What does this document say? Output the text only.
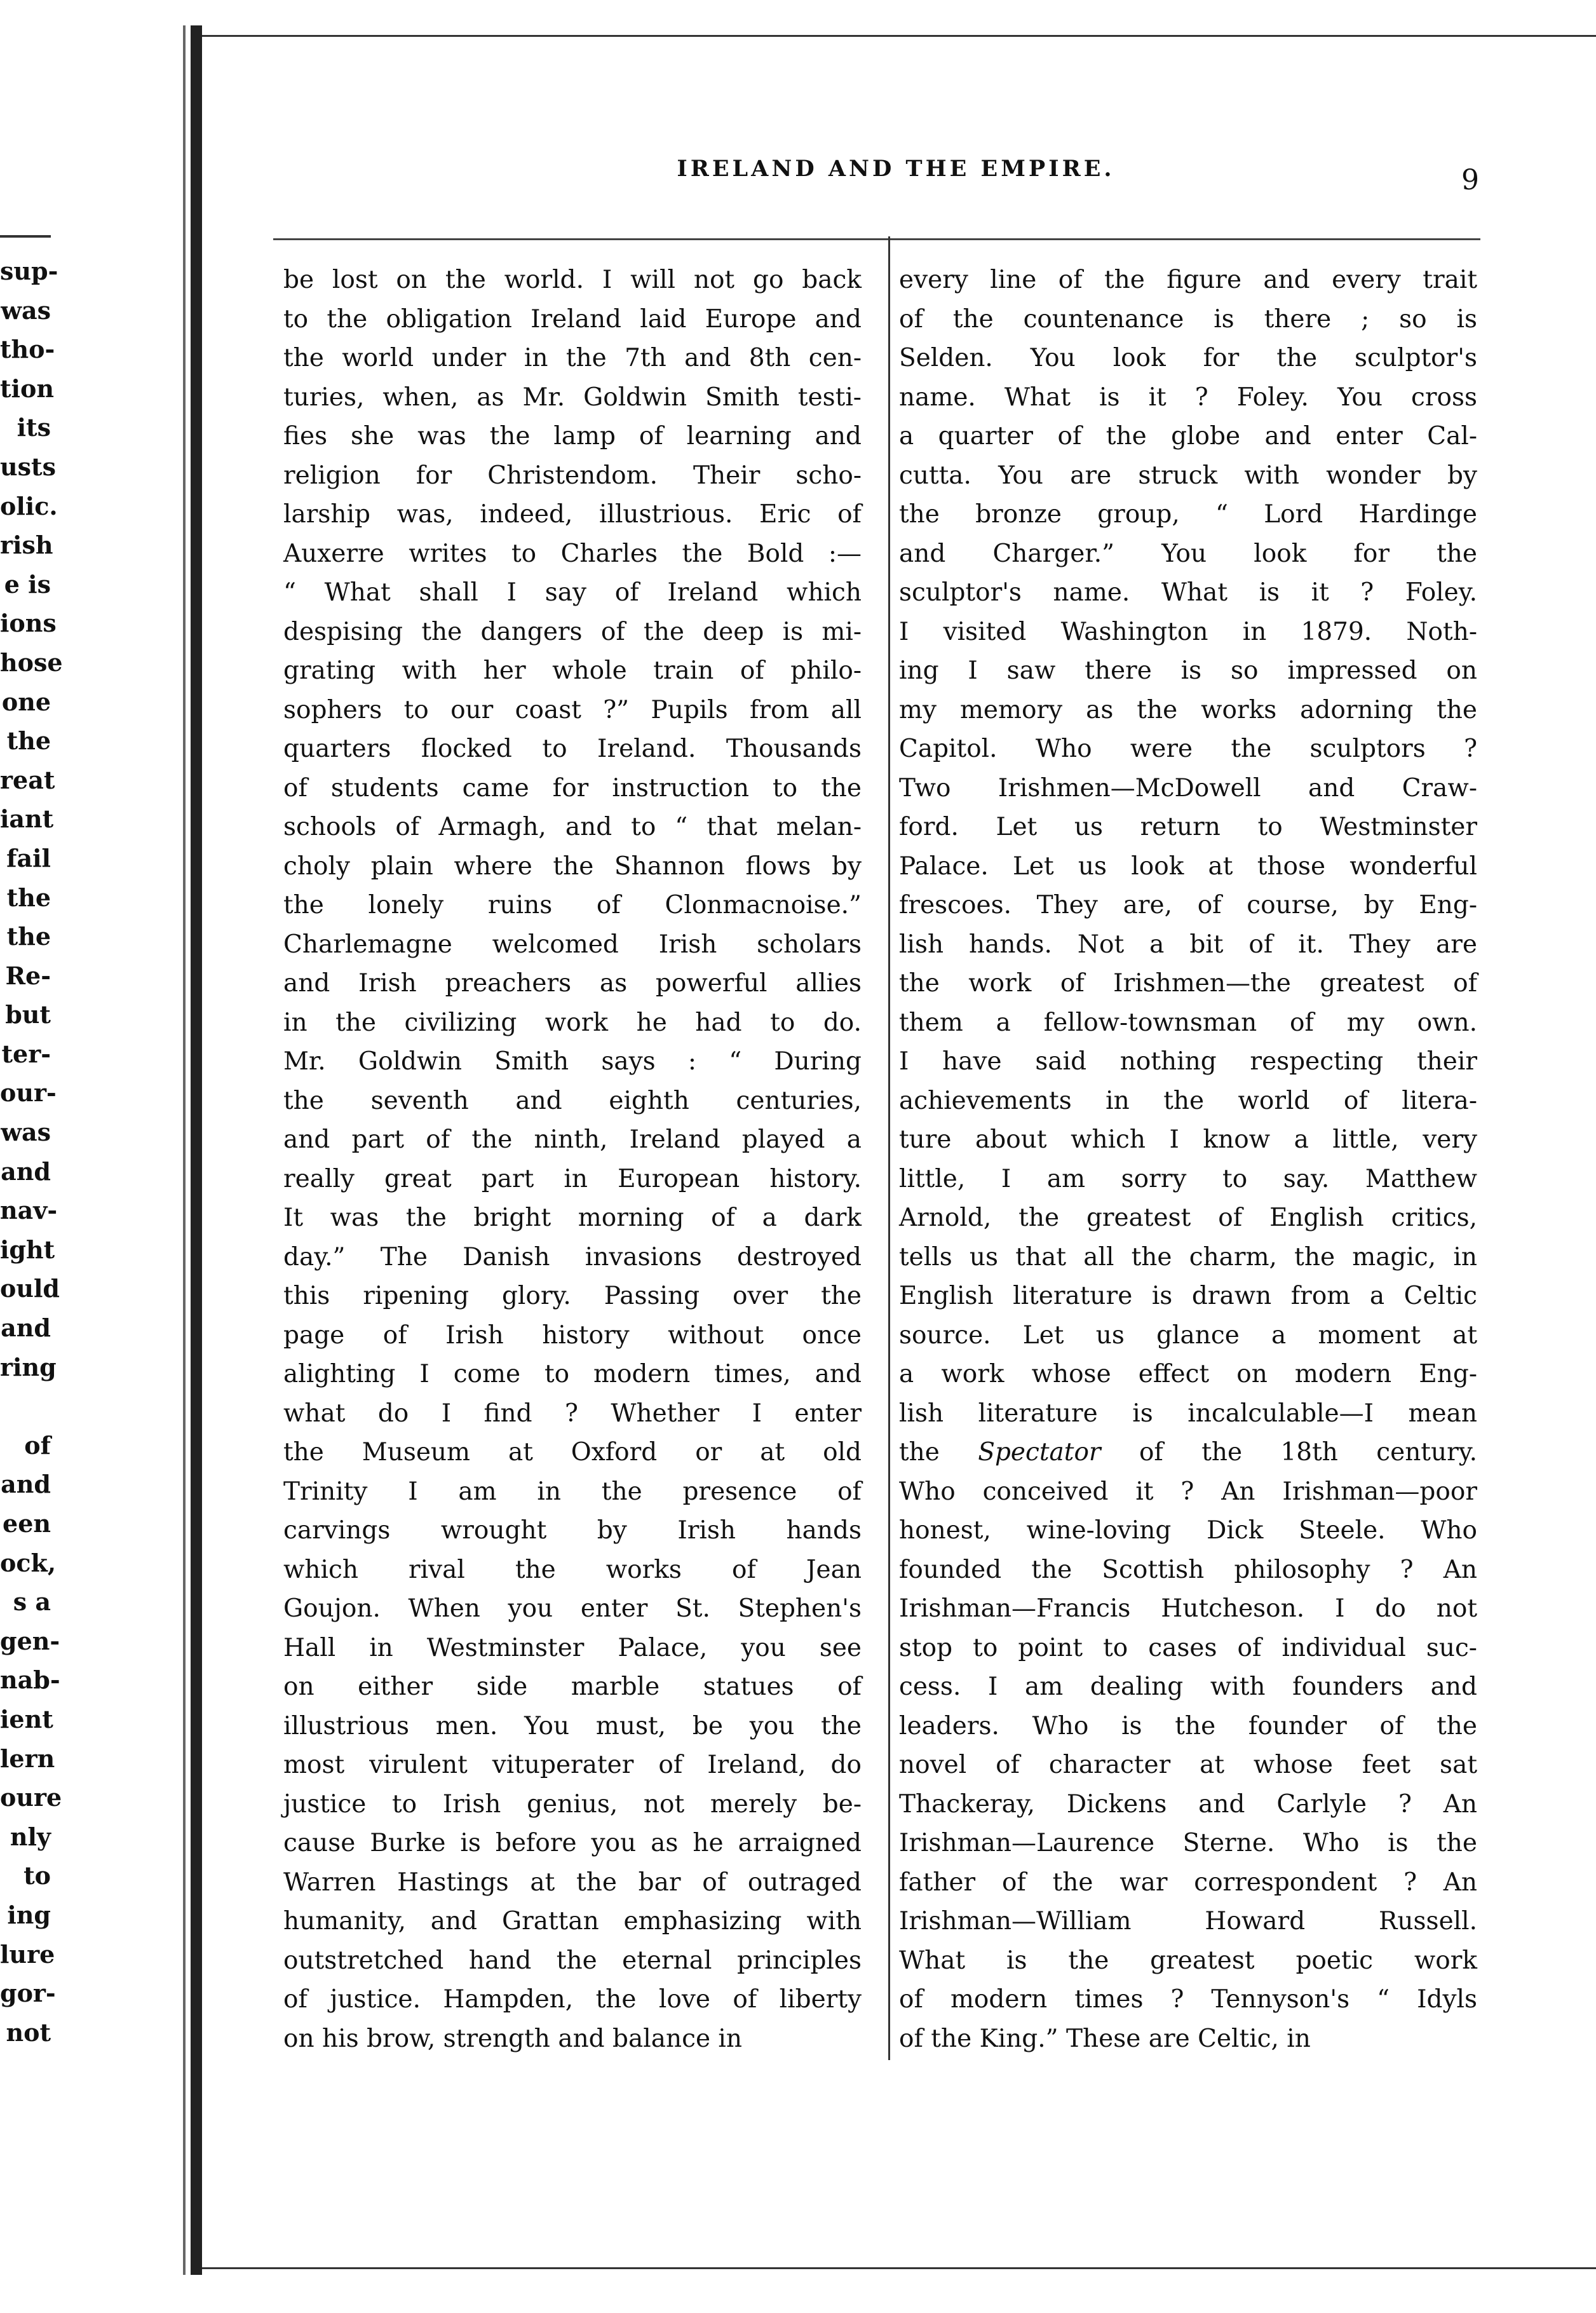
sup-
was
tho-
tion
its
usts
olic.
rish
e is
ions
hose
one
the
reat
iant
fail
the
the
Re-
but
ter-
our-
was
and
nav-
ight
ould
and
ring
of
and
een
ock,
s a
gen-
nab-
ient
lern
oure
nly
to
ing
lure
gor-
not
IRELAND AND THE EMPIRE.	9
be lost on the world. I will not go back
to the obligation Ireland laid Europe and
the world under in the 7th and 8th cen-
turies, when, as Mr. Goldwin Smith testi-
fies she was the lamp of learning and
religion for Christendom. Their scho-
larship was, indeed, illustrious. Eric of
Auxerre writes to Charles the Bold :—
“ What shall I say of Ireland which
despising the dangers of the deep is mi-
grating with her whole train of philo-
sophers to our coast ?” Pupils from all
quarters flocked to Ireland. Thousands
of students came for instruction to the
schools of Armagh, and to “ that melan-
choly plain where the Shannon flows by
the lonely ruins of Clonmacnoise.”
Charlemagne welcomed Irish scholars
and Irish preachers as powerful allies
in the civilizing work he had to do.
Mr. Goldwin Smith says : “ During
the seventh and eighth centuries,
and part of the ninth, Ireland played a
really great part in European history.
It was the bright morning of a dark
day.” The Danish invasions destroyed
this ripening glory. Passing over the
page of Irish history without once
alighting I come to modern times, and
what do I find ? Whether I enter
the Museum at Oxford or at old
Trinity I am in the presence of
carvings wrought by Irish hands
which rival the works of Jean
Goujon. When you enter St. Stephen's
Hall in Westminster Palace, you see
on either side marble statues of
illustrious men. You must, be you the
most virulent vituperater of Ireland, do
justice to Irish genius, not merely be-
cause Burke is before you as he arraigned
Warren Hastings at the bar of outraged
humanity, and Grattan emphasizing with
outstretched hand the eternal principles
of justice. Hampden, the love of liberty
on his brow, strength and balance in
every line of the figure and every trait
of the countenance is there ; so is
Selden. You look for the sculptor's
name. What is it ? Foley. You cross
a quarter of the globe and enter Cal-
cutta. You are struck with wonder by
the bronze group, “ Lord Hardinge
and Charger.” You look for the
sculptor's name. What is it ? Foley.
I visited Washington in 1879. Noth-
ing I saw there is so impressed on
my memory as the works adorning the
Capitol. Who were the sculptors ?
Two Irishmen—McDowell and Craw-
ford. Let us return to Westminster
Palace. Let us look at those wonderful
frescoes. They are, of course, by Eng-
lish hands. Not a bit of it. They are
the work of Irishmen—the greatest of
them a fellow-townsman of my own.
I have said nothing respecting their
achievements in the world of litera-
ture about which I know a little, very
little, I am sorry to say. Matthew
Arnold, the greatest of English critics,
tells us that all the charm, the magic, in
English literature is drawn from a Celtic
source. Let us glance a moment at
a work whose effect on modern Eng-
lish literature is incalculable—I mean
the Spectator of the 18th century.
Who conceived it ? An Irishman—poor
honest, wine-loving Dick Steele. Who
founded the Scottish philosophy ? An
Irishman—Francis Hutcheson. I do not
stop to point to cases of individual suc-
cess. I am dealing with founders and
leaders. Who is the founder of the
novel of character at whose feet sat
Thackeray, Dickens and Carlyle ? An
Irishman—Laurence Sterne. Who is the
father of the war correspondent ? An
Irishman—William Howard Russell.
What is the greatest poetic work
of modern times ? Tennyson's “ Idyls
of the King.” These are Celtic, in
